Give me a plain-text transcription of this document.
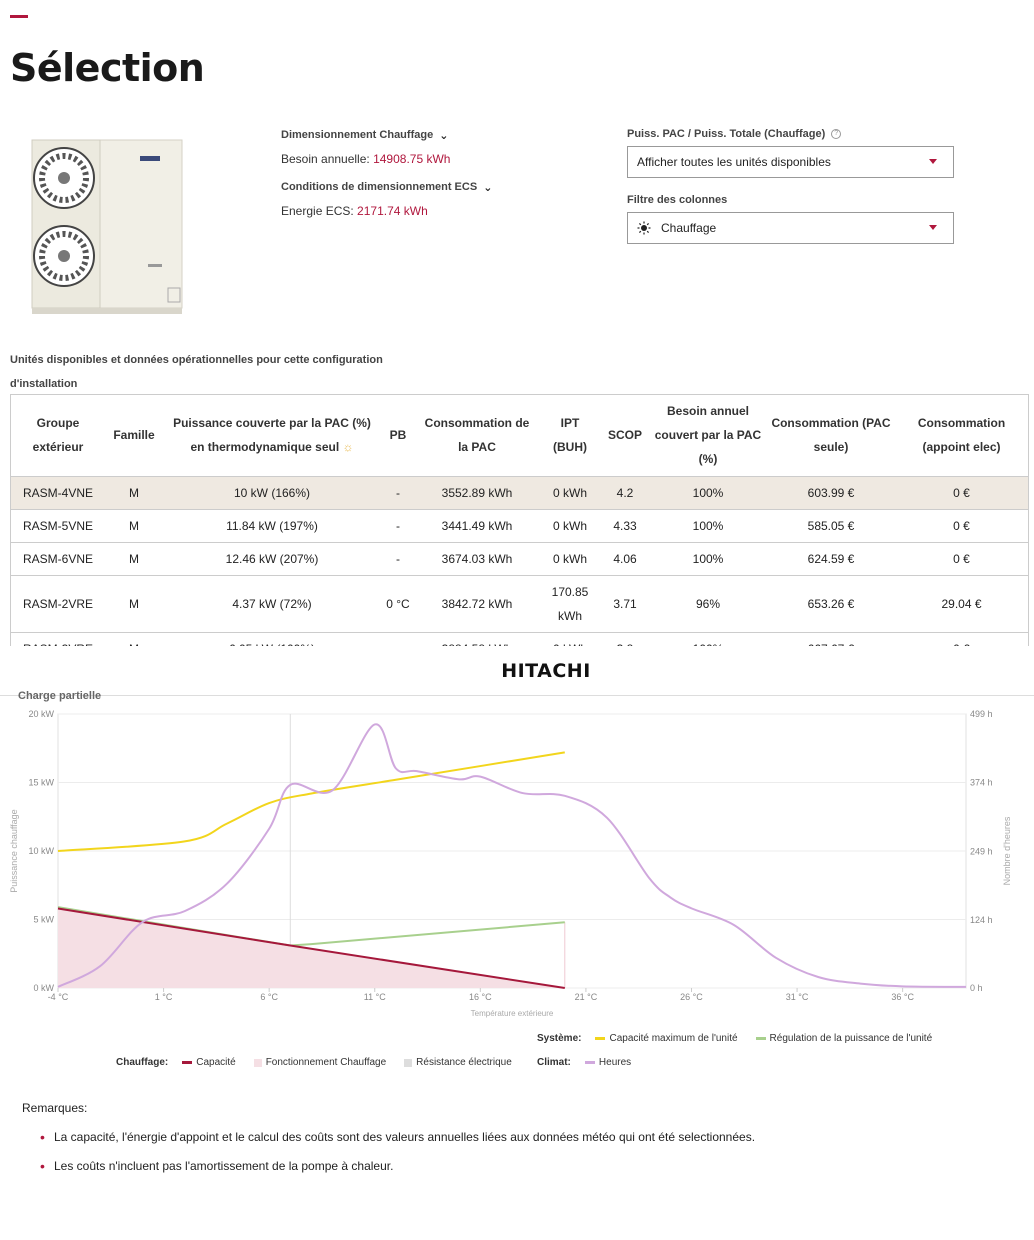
Sélection
Dimensionnement Chauffage ⌄
Besoin annuelle: 14908.75 kWh
Conditions de dimensionnement ECS ⌄
Energie ECS: 2171.74 kWh
Puiss. PAC / Puiss. Totale (Chauffage)	?
Afficher toutes les unités disponibles
Filtre des colonnes
Chauffage
Unités disponibles et données opérationnelles pour cette configuration d'installation
Groupe extérieur	Famille	Puissance couverte par la PAC (%) en thermodynamique seul ☼	PB	Consommation de la PAC	IPT (BUH)	SCOP	Besoin annuel couvert par la PAC (%)	Consommation (PAC seule)	Consommation (appoint elec)
RASM-4VNE	M	10 kW (166%)	-	3552.89 kWh	0 kWh	4.2	100%	603.99 €	0 €
RASM-5VNE	M	11.84 kW (197%)	-	3441.49 kWh	0 kWh	4.33	100%	585.05 €	0 €
RASM-6VNE	M	12.46 kW (207%)	-	3674.03 kWh	0 kWh	4.06	100%	624.59 €	0 €
RASM-2VRE	M	4.37 kW (72%)	0 °C	3842.72 kWh	170.85 kWh	3.71	96%	653.26 €	29.04 €

HITACHI
Charge partielle
0 kW
5 kW
10 kW
15 kW
20 kW
0 h
124 h
249 h
374 h
499 h
-4 °C	1 °C	6 °C	11 °C	16 °C	21 °C	26 °C	31 °C	36 °C
Température extérieure
Puissance chauffage	Nombre d'heures
Système:	Capacité maximum de l'unité	Régulation de la puissance de l'unité
Chauffage:	Capacité	Fonctionnement Chauffage	Résistance électrique	Climat:	Heures
Remarques:
• La capacité, l'énergie d'appoint et le calcul des coûts sont des valeurs annuelles liées aux données météo qui ont été selectionnées.
• Les coûts n'incluent pas l'amortissement de la pompe à chaleur.
